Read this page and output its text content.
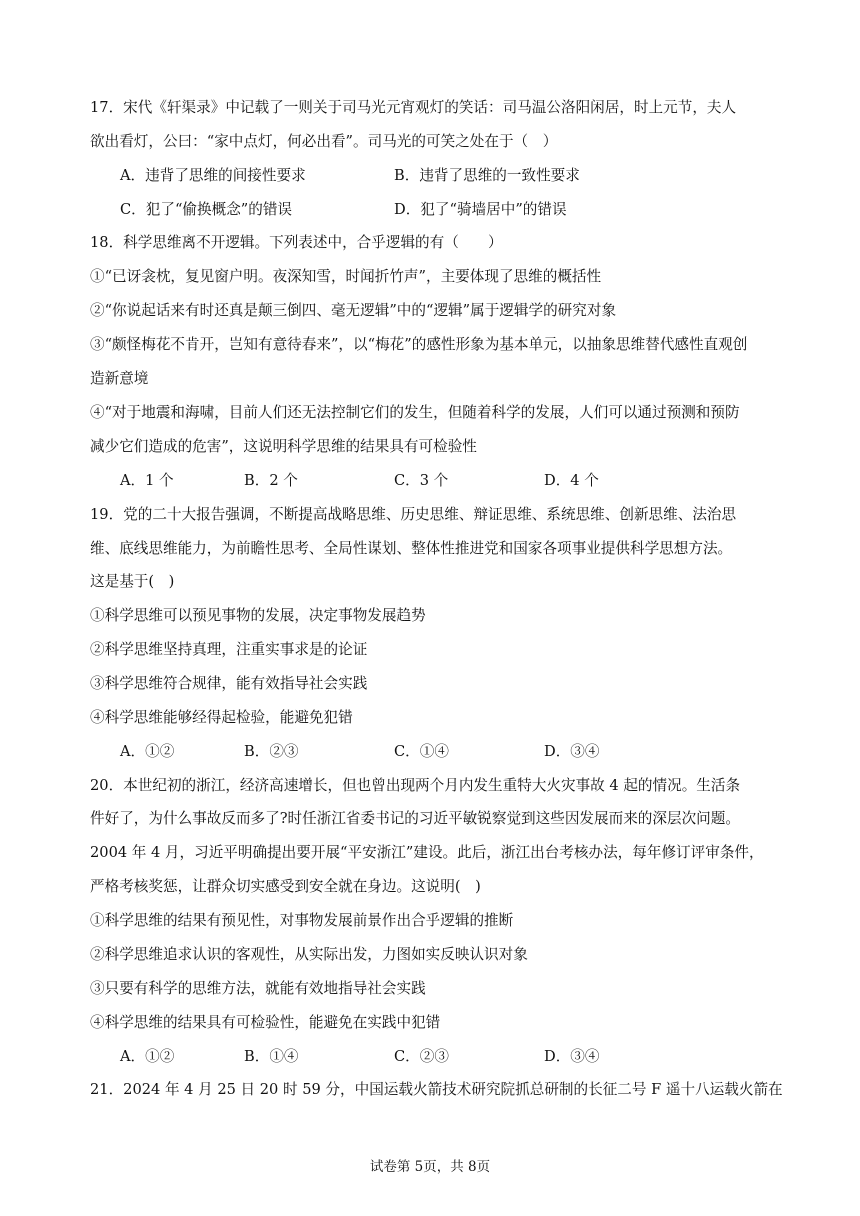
17．宋代《轩渠录》中记载了一则关于司马光元宵观灯的笑话：司马温公洛阳闲居，时上元节，夫人
欲出看灯，公曰：“家中点灯，何必出看”。司马光的可笑之处在于（　）
A．违背了思维的间接性要求	B．违背了思维的一致性要求
C．犯了“偷换概念”的错误	D．犯了“骑墙居中”的错误
18．科学思维离不开逻辑。下列表述中，合乎逻辑的有（　　）
①“已讶衾枕，复见窗户明。夜深知雪，时闻折竹声”，主要体现了思维的概括性
②“你说起话来有时还真是颠三倒四、毫无逻辑”中的“逻辑”属于逻辑学的研究对象
③“颇怪梅花不肯开，岂知有意待春来”，以“梅花”的感性形象为基本单元，以抽象思维替代感性直观创
造新意境
④“对于地震和海啸，目前人们还无法控制它们的发生，但随着科学的发展，人们可以通过预测和预防
减少它们造成的危害”，这说明科学思维的结果具有可检验性
A．1 个	B．2 个	C．3 个	D．4 个
19．党的二十大报告强调，不断提高战略思维、历史思维、辩证思维、系统思维、创新思维、法治思
维、底线思维能力，为前瞻性思考、全局性谋划、整体性推进党和国家各项事业提供科学思想方法。
这是基于(　)
①科学思维可以预见事物的发展，决定事物发展趋势
②科学思维坚持真理，注重实事求是的论证
③科学思维符合规律，能有效指导社会实践
④科学思维能够经得起检验，能避免犯错
A．①②	B．②③	C．①④	D．③④
20．本世纪初的浙江，经济高速增长，但也曾出现两个月内发生重特大火灾事故 4 起的情况。生活条
件好了，为什么事故反而多了?时任浙江省委书记的习近平敏锐察觉到这些因发展而来的深层次问题。
2004 年 4 月，习近平明确提出要开展“平安浙江”建设。此后，浙江出台考核办法，每年修订评审条件，
严格考核奖惩，让群众切实感受到安全就在身边。这说明(　)
①科学思维的结果有预见性，对事物发展前景作出合乎逻辑的推断
②科学思维追求认识的客观性，从实际出发，力图如实反映认识对象
③只要有科学的思维方法，就能有效地指导社会实践
④科学思维的结果具有可检验性，能避免在实践中犯错
A．①②	B．①④	C．②③	D．③④
21．2024 年 4 月 25 日 20 时 59 分，中国运载火箭技术研究院抓总研制的长征二号 F 遥十八运载火箭在
试卷第 5页，共 8页
